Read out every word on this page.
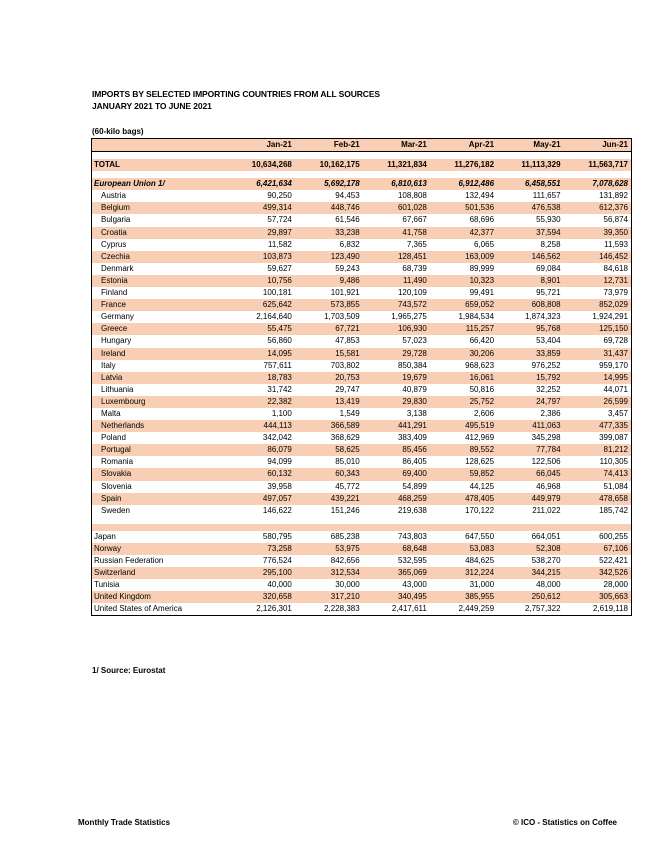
IMPORTS BY SELECTED IMPORTING COUNTRIES FROM ALL SOURCES
JANUARY 2021 TO JUNE 2021
(60-kilo bags)
	Jan-21	Feb-21	Mar-21	Apr-21	May-21	Jun-21

TOTAL	10,634,268	10,162,175	11,321,834	11,276,182	11,113,329	11,563,717

European Union 1/	6,421,634	5,692,178	6,810,613	6,912,486	6,458,551	7,078,628
Austria	90,250	94,453	108,808	132,494	111,657	131,892
Belgium	499,314	448,746	601,028	501,536	476,538	612,376
Bulgaria	57,724	61,546	67,667	68,696	55,930	56,874
Croatia	29,897	33,238	41,758	42,377	37,594	39,350
Cyprus	11,582	6,832	7,365	6,065	8,258	11,593
Czechia	103,873	123,490	128,451	163,009	146,562	146,452
Denmark	59,627	59,243	68,739	89,999	69,084	84,618
Estonia	10,756	9,486	11,490	10,323	8,901	12,731
Finland	100,181	101,921	120,109	99,491	95,721	73,979
France	625,642	573,855	743,572	659,052	608,808	852,029
Germany	2,164,640	1,703,509	1,965,275	1,984,534	1,874,323	1,924,291
Greece	55,475	67,721	106,930	115,257	95,768	125,150
Hungary	56,860	47,853	57,023	66,420	53,404	69,728
Ireland	14,095	15,581	29,728	30,206	33,859	31,437
Italy	757,611	703,802	850,384	968,623	976,252	959,170
Latvia	18,783	20,753	19,679	16,061	15,792	14,995
Lithuania	31,742	29,747	40,879	50,816	32,252	44,071
Luxembourg	22,382	13,419	29,830	25,752	24,797	26,599
Malta	1,100	1,549	3,138	2,606	2,386	3,457
Netherlands	444,113	366,589	441,291	495,519	411,063	477,335
Poland	342,042	368,629	383,409	412,969	345,298	399,087
Portugal	86,079	58,625	85,456	89,552	77,784	81,212
Romania	94,099	85,010	86,405	128,625	122,506	110,305
Slovakia	60,132	60,343	69,400	59,852	66,045	74,413
Slovenia	39,958	45,772	54,899	44,125	46,968	51,084
Spain	497,057	439,221	468,259	478,405	449,979	478,658
Sweden	146,622	151,246	219,638	170,122	211,022	185,742

Japan	580,795	685,238	743,803	647,550	664,051	600,255
Norway	73,258	53,975	68,648	53,083	52,308	67,106
Russian Federation	776,524	842,656	532,595	484,625	538,270	522,421
Switzerland	295,100	312,534	365,069	312,224	344,215	342,526
Tunisia	40,000	30,000	43,000	31,000	48,000	28,000
United Kingdom	320,658	317,210	340,495	385,955	250,612	305,663
United States of America	2,126,301	2,228,383	2,417,611	2,449,259	2,757,322	2,619,118
1/ Source: Eurostat
Monthly Trade Statistics	© ICO - Statistics on Coffee
